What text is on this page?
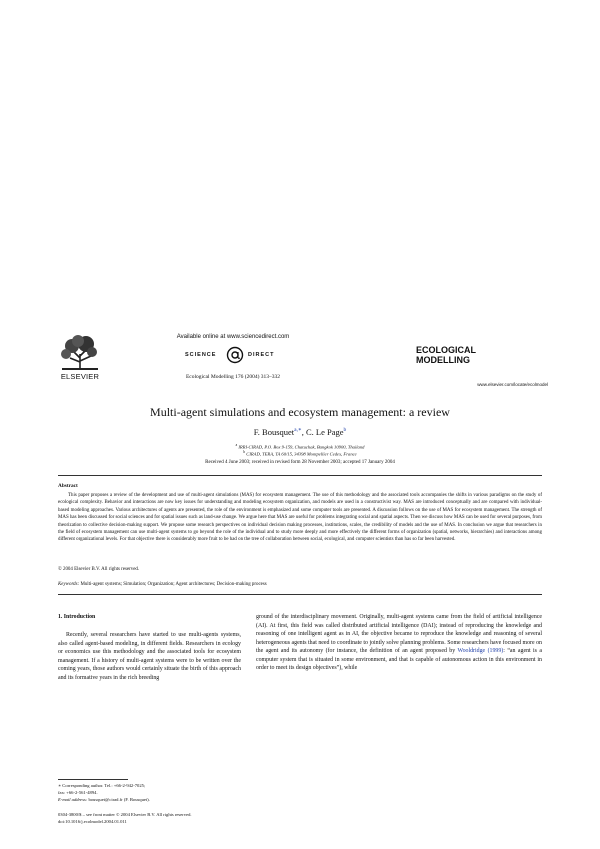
ELSEVIER
Available online at www.sciencedirect.com
SCIENCE	DIRECT
Ecological Modelling 176 (2004) 313–332
ECOLOGICAL
MODELLING
www.elsevier.com/locate/ecolmodel
Multi-agent simulations and ecosystem management: a review
F. Bousquet$^{a,∗}$, C. Le Page$^b$
$^a$ IRRI-CIRAD, P.O. Box 9-159, Chatuchak, Bangkok 10900, Thailand
$^b$ CIRAD, TERA, TA 60/15, 34398 Montpellier Cedex, France
Received 4 June 2003; received in revised form 28 November 2003; accepted 17 January 2004
Abstract

This paper proposes a review of the development and use of multi-agent simulations (MAS) for ecosystem management. The use of this methodology and the associated tools accompanies the shifts in various paradigms on the study of ecological complexity. Behavior and interactions are now key issues for understanding and modeling ecosystem organization, and models are used in a constructivist way. MAS are introduced conceptually and are compared with individual-based modeling approaches. Various architectures of agents are presented, the role of the environment is emphasized and some computer tools are presented. A discussion follows on the use of MAS for ecosystem management. The strength of MAS has been discussed for social sciences and for spatial issues such as land-use change. We argue here that MAS are useful for problems integrating social and spatial aspects. Then we discuss how MAS can be used for several purposes, from theorization to collective decision-making support. We propose some research perspectives on individual decision making processes, institutions, scales, the credibility of models and the use of MAS. In conclusion we argue that researchers in the field of ecosystem management can use multi-agent systems to go beyond the role of the individual and to study more deeply and more effectively the different forms of organization (spatial, networks, hierarchies) and interactions among different organizational levels. For that objective there is considerably more fruit to be had on the tree of collaboration between social, ecological, and computer scientists than has so far been harvested.

© 2004 Elsevier B.V. All rights reserved.
Keywords: Multi-agent systems; Simulation; Organization; Agent architectures; Decision-making process
1. Introduction

Recently, several researchers have started to use multi-agents systems, also called agent-based modeling, in different fields. Researchers in ecology or economics use this methodology and the associated tools for ecosystem management. If a history of multi-agent systems were to be written over the coming years, those authors would certainly situate the birth of this approach and its formative years in the rich breeding

ground of the interdisciplinary movement. Originally, multi-agent systems came from the field of artificial intelligence (AI). At first, this field was called distributed artificial intelligence (DAI); instead of reproducing the knowledge and reasoning of one intelligent agent as in AI, the objective became to reproduce the knowledge and reasoning of several heterogeneous agents that need to coordinate to jointly solve planning problems. Some researchers have focused more on the agent and its autonomy (for instance, the definition of an agent proposed by Wooldridge (1999): “an agent is a computer system that is situated in some environment, and that is capable of autonomous action in this environment in order to meet its design objectives”), while

∗ Corresponding author. Tel.: +66-2-942-7025;
fax: +66-2-561-4894.
E-mail address: bousquet@cirad.fr (F. Bousquet).
0304-3800/$ – see front matter © 2004 Elsevier B.V. All rights reserved.
doi:10.1016/j.ecolmodel.2004.01.011
